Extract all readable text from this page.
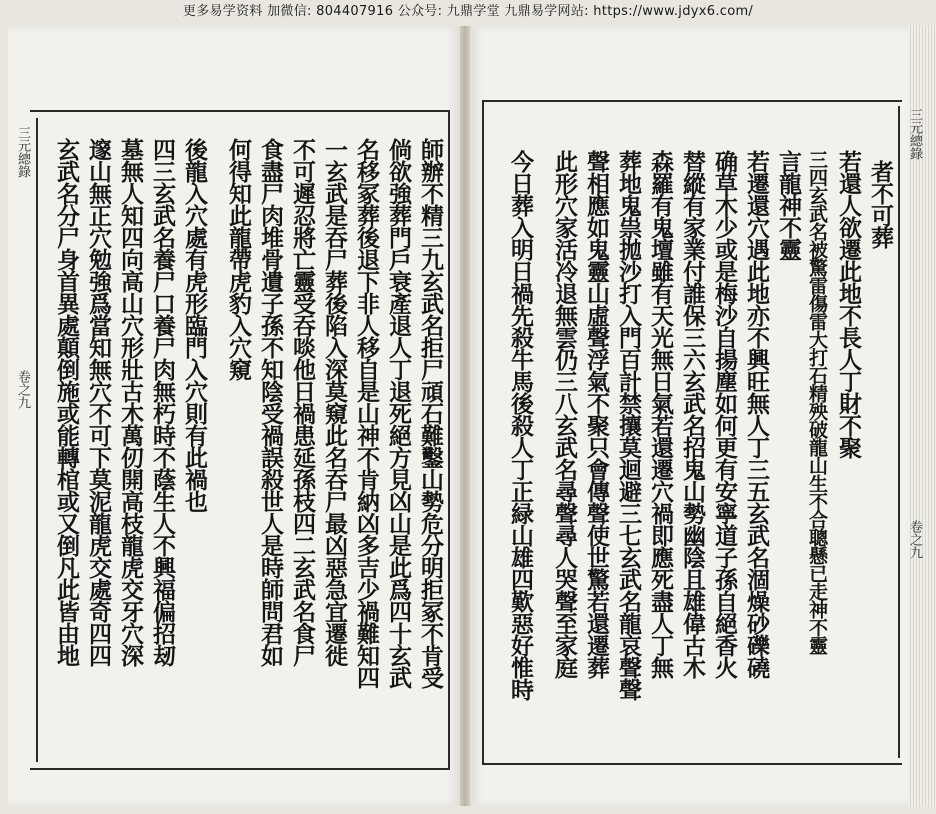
更多易学资料 加微信: 804407916 公众号: 九鼎学堂 九鼎易学网站: https://www.jdyx6.com/
三元總錄
卷之九
三元總錄
卷之九
師辦不精三九玄武名拒尸頑石難鑿山勢危分明拒冢不肯受
倘欲強葬門戶衰產退人丁退死絕方見凶山是此爲四十玄武
名移冢葬後退下非人移自是山神不肯納凶多吉少禍難知四
一玄武是吞尸葬後陷入深莫窺此名吞尸最凶惡急宜遷徙
不可遲忍將亡靈受吞啖他日禍患延孫枝四二玄武名食尸
食盡尸肉堆骨遺子孫不知陰受禍誤殺世人是時師問君如
何得知此龍帶虎豹入穴窺
後龍入穴處有虎形臨門入穴則有此禍也
四三玄武名養尸口養尸肉無朽時不蔭生人不興福偏招刼
墓無人知四向高山穴形壯古木萬仞開高枝龍虎交牙穴深
邃山無正穴勉強爲當知無穴不可下莫泥龍虎交處奇四四
玄武名分尸身首異處顛倒施或能轉棺或又倒凡此皆由地	者不可葬
若還人欲遷此地不長人丁財不聚
三四玄武名被驚雷傷雷大打石精殃破龍山生不合聰懸已走神不靈
言龍神不靈
若遷還穴遇此地亦不興旺無人丁三五玄武名涸燥砂礫磽
确草木少或是梅沙自揚塵如何更有安寧道子孫自絕香火
替縱有家業付誰保三六玄武名招鬼山勢幽陰且雄偉古木
森羅有鬼壇雖有天光無日氣若還遷穴禍即應死盡人丁無
葬地鬼祟拋沙打入門百計禁攘莫迴避三七玄武名龍哀聲聲
聲相應如鬼靈山虛聲浮氣不聚只會傳聲使世驚若還遷葬
此形穴家活冷退無雲仍三八玄武名尋聲尋人哭聲至家庭
今日葬入明日禍先殺牛馬後殺人丁正緑山雄四歎惡好惟時
